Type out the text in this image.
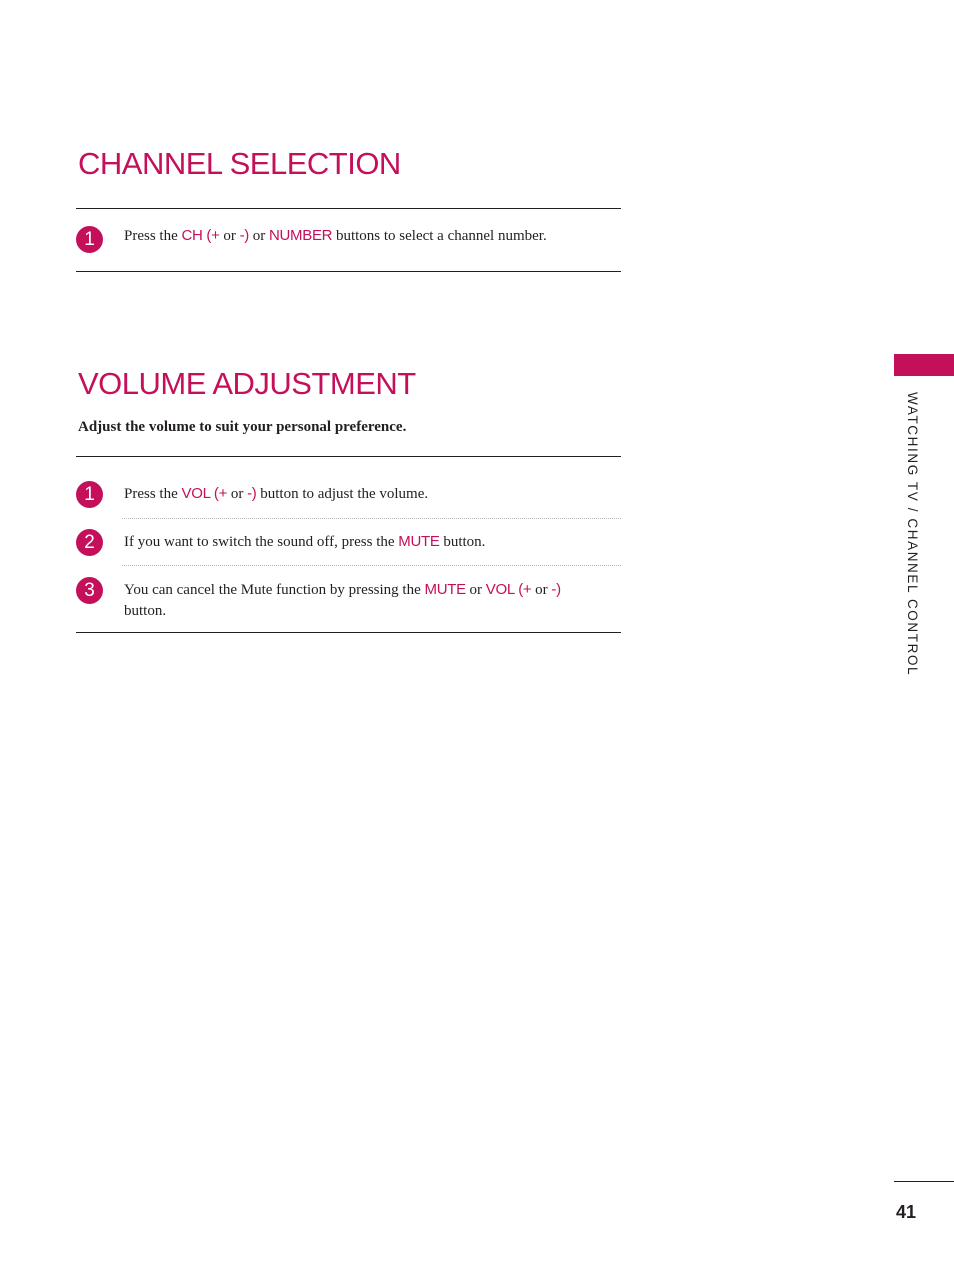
CHANNEL SELECTION
1	Press the CH (+ or -) or NUMBER buttons to select a channel number.
VOLUME ADJUSTMENT
Adjust the volume to suit your personal preference.
1	Press the VOL (+ or -) button to adjust the volume.
2	If you want to switch the sound off, press the MUTE button.
3	You can cancel the Mute function by pressing the MUTE or VOL (+ or -)
button.	WATCHING TV / CHANNEL CONTROL
41
